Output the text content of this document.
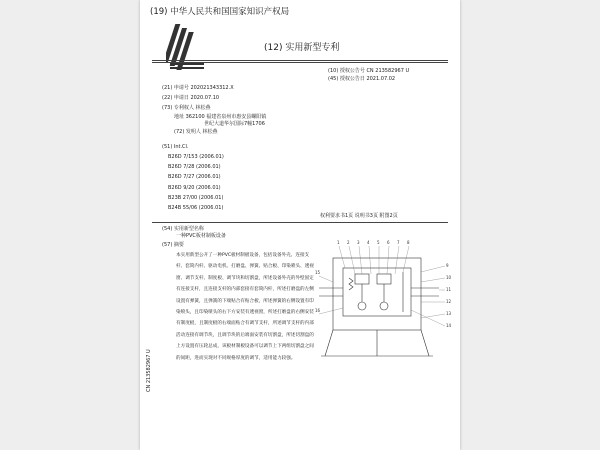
(19) 中华人民共和国国家知识产权局
(12) 实用新型专利
(10) 授权公告号 CN 213582967 U
(45) 授权公告日 2021.07.02
(21) 申请号 202021343312.X
(22) 申请日 2020.07.10
(73) 专利权人 林松燕
地址 362100 福建省泉州市惠安县螺阳镇
世纪大道华尔国际7幢1706
(72) 发明人 林松燕
(51) Int.Cl.
B26D 7/153 (2006.01)
B26D 7/28 (2006.01)
B26D 7/27 (2006.01)
B26D 9/20 (2006.01)
B23B 27/00 (2006.01)
B24B 55/06 (2006.01)
权利要求书1页 说明书3页 附图2页
(54) 实用新型名称
一种PVC板材制板设备
(57) 摘要
本实用新型公开了一种PVC板材制板设备，包括设备外壳、连接支杆、套筒内杆、驱动电机、打磨盘、弹簧、贴合板、印染喷头、透视窗、调节支杆、制度板、调节块和切割盘，所述设备外壳的外壁固定有连接支杆，且连接支杆的内部套接有套筒内杆，所述打磨盘的左侧设置有弹簧，且弹簧的下端贴合有贴合板，所述弹簧的右侧设置有印染喷头，且印染喷头的右下方安装有透视窗，所述打磨盘的右侧安装有制度板，且制度板的右端面贴合有调节支杆，所述调节支杆的内部活动连接有调节块，且调节块的后端面安装有切割盘，所述切割盘的上方设置有压轮总成，该板材制板设备可以调节上下两组切割盘之间的间距，进而实现对不同规格厚度的调节，适用能力较强。
CN 213582967 U
1 2 3 4 5 6 7 8
9
10
11
12
13
14
15
16
